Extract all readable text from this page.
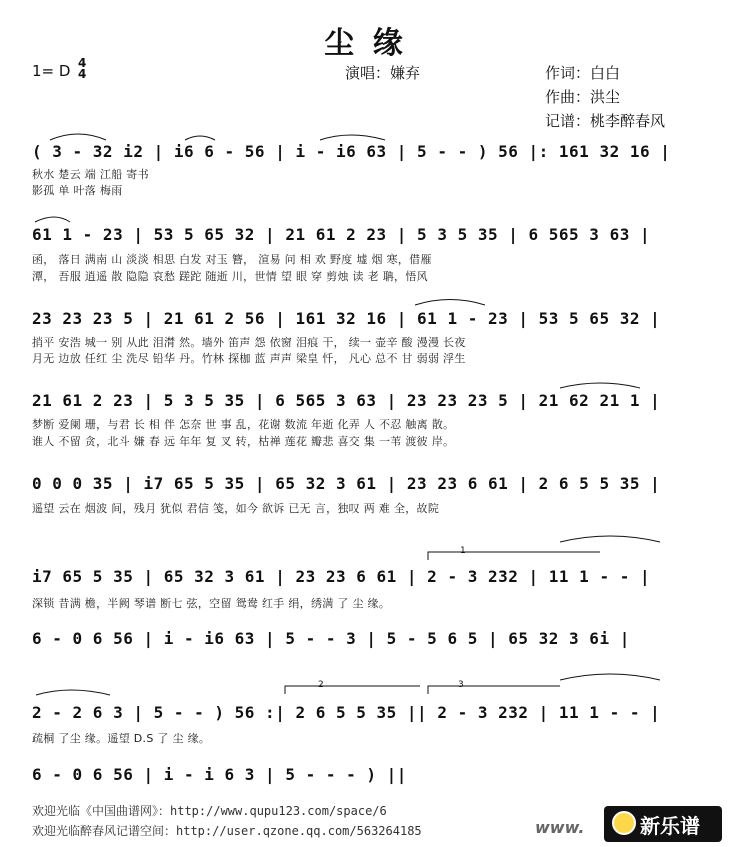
尘 缘
1= D 4
4	演唱：嫌弃	作词：白白
作曲：洪尘
记谱：桃李醉春风
( 3 - 32 i2 | i6 6 - 56 | i - i6 63 | 5 - - ) 56 |: 161 32 16 |
秋水 楚云 端 江船 寄书
影孤 单 叶落 梅雨
61 1 - 23 | 53 5 65 32 | 21 61 2 23 | 5 3 5 35 | 6 565 3 63 |
函， 落日 满南 山 淡淡 相思 白发 对玉 簪， 渲易 问 相 欢 野度 墟 烟 寒，借雁
潭， 吾服 逍遥 散 隐隐 哀愁 蹉跎 随逝 川，世情 望 眼 穿 剪烛 读 老 聃，悟风
23 23 23 5 | 21 61 2 56 | 161 32 16 | 61 1 - 23 | 53 5 65 32 |
捎平 安浩 城一 别 从此 泪潸 然。墙外 笛声 怨 依窗 泪痕 干， 续一 壶辛 酸 漫漫 长夜
月无 边放 任红 尘 洗尽 铅华 丹。竹林 探枷 蓝 声声 梁皇 忏， 凡心 总不 甘 弱弱 浮生
21 61 2 23 | 5 3 5 35 | 6 565 3 63 | 23 23 23 5 | 21 62 21 1 |
梦断 爱阑 珊，与君 长 相 伴 怎奈 世 事 乱，花谢 数流 年逝 化弄 人 不忍 触离 散。
谁人 不留 贪，北斗 嫌 春 远 年年 复 叉 转，枯禅 莲花 瓣悲 喜交 集 一苇 渡彼 岸。
0 0 0 35 | i7 65 5 35 | 65 32 3 61 | 23 23 6 61 | 2 6 5 5 35 |
遥望 云在 烟波 间，残月 犹似 君信 笺，如今 欲诉 已无 言，独叹 两 难 全，故院
i7 65 5 35 | 65 32 3 61 | 23 23 6 61 | 2 - 3 232 | 11 1 - - |
深锁 昔满 檐，半阙 琴谱 断七 弦，空留 鸳鸯 红手 绢，绣满 了 尘 缘。
6 - 0 6 56 | i - i6 63 | 5 - - 3 | 5 - 5 6 5 | 65 32 3 6i |
2 - 2 6 3 | 5 - - ) 56 :| 2 6 5 5 35 || 2 - 3 232 | 11 1 - - |
疏桐 了尘 缘。遥望 D.S 了 尘 缘。
6 - 0 6 56 | i - i 6 3 | 5 - - - ) ||
1
2	3
欢迎光临《中国曲谱网》：http://www.qupu123.com/space/6
欢迎光临醉春风记谱空间：http://user.qzone.qq.com/563264185	www.	新乐谱
